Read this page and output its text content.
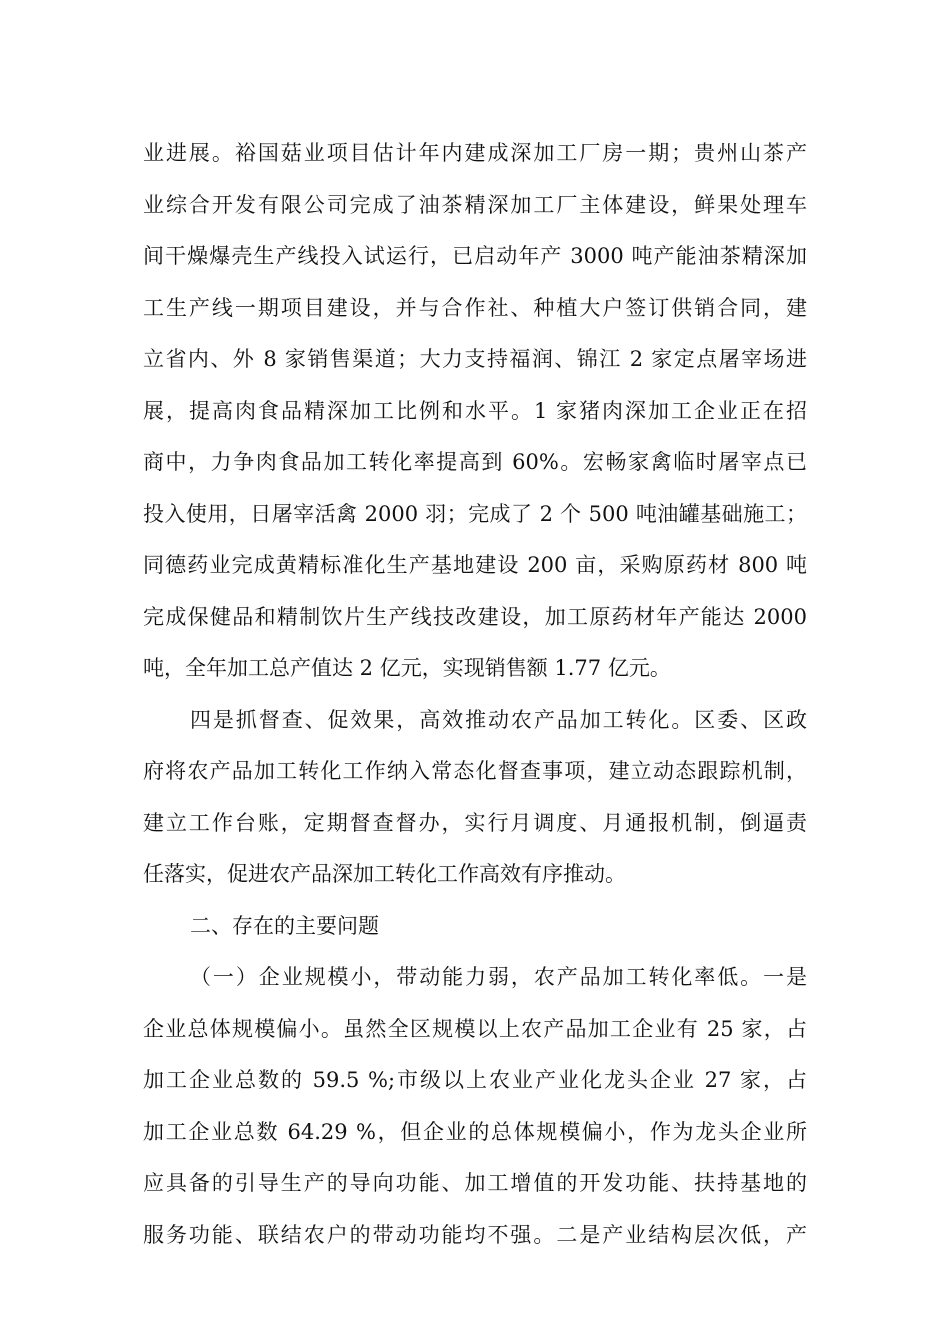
业进展。裕国菇业项目估计年内建成深加工厂房一期；贵州山茶产
业综合开发有限公司完成了油茶精深加工厂主体建设，鲜果处理车
间干燥爆壳生产线投入试运行，已启动年产 3000 吨产能油茶精深加
工生产线一期项目建设，并与合作社、种植大户签订供销合同，建
立省内、外 8 家销售渠道；大力支持福润、锦江 2 家定点屠宰场进
展，提高肉食品精深加工比例和水平。1 家猪肉深加工企业正在招
商中，力争肉食品加工转化率提高到 60%。宏畅家禽临时屠宰点已
投入使用，日屠宰活禽 2000 羽；完成了 2 个 500 吨油罐基础施工；
同德药业完成黄精标准化生产基地建设 200 亩，采购原药材 800 吨
完成保健品和精制饮片生产线技改建设，加工原药材年产能达 2000
吨，全年加工总产值达 2 亿元，实现销售额 1.77 亿元。
四是抓督查、促效果，高效推动农产品加工转化。区委、区政
府将农产品加工转化工作纳入常态化督查事项，建立动态跟踪机制，
建立工作台账，定期督查督办，实行月调度、月通报机制，倒逼责
任落实，促进农产品深加工转化工作高效有序推动。
二、存在的主要问题
（一）企业规模小，带动能力弱，农产品加工转化率低。一是
企业总体规模偏小。虽然全区规模以上农产品加工企业有 25 家，占
加工企业总数的 59.5 %;市级以上农业产业化龙头企业 27 家，占
加工企业总数 64.29 %，但企业的总体规模偏小，作为龙头企业所
应具备的引导生产的导向功能、加工增值的开发功能、扶持基地的
服务功能、联结农户的带动功能均不强。二是产业结构层次低，产
